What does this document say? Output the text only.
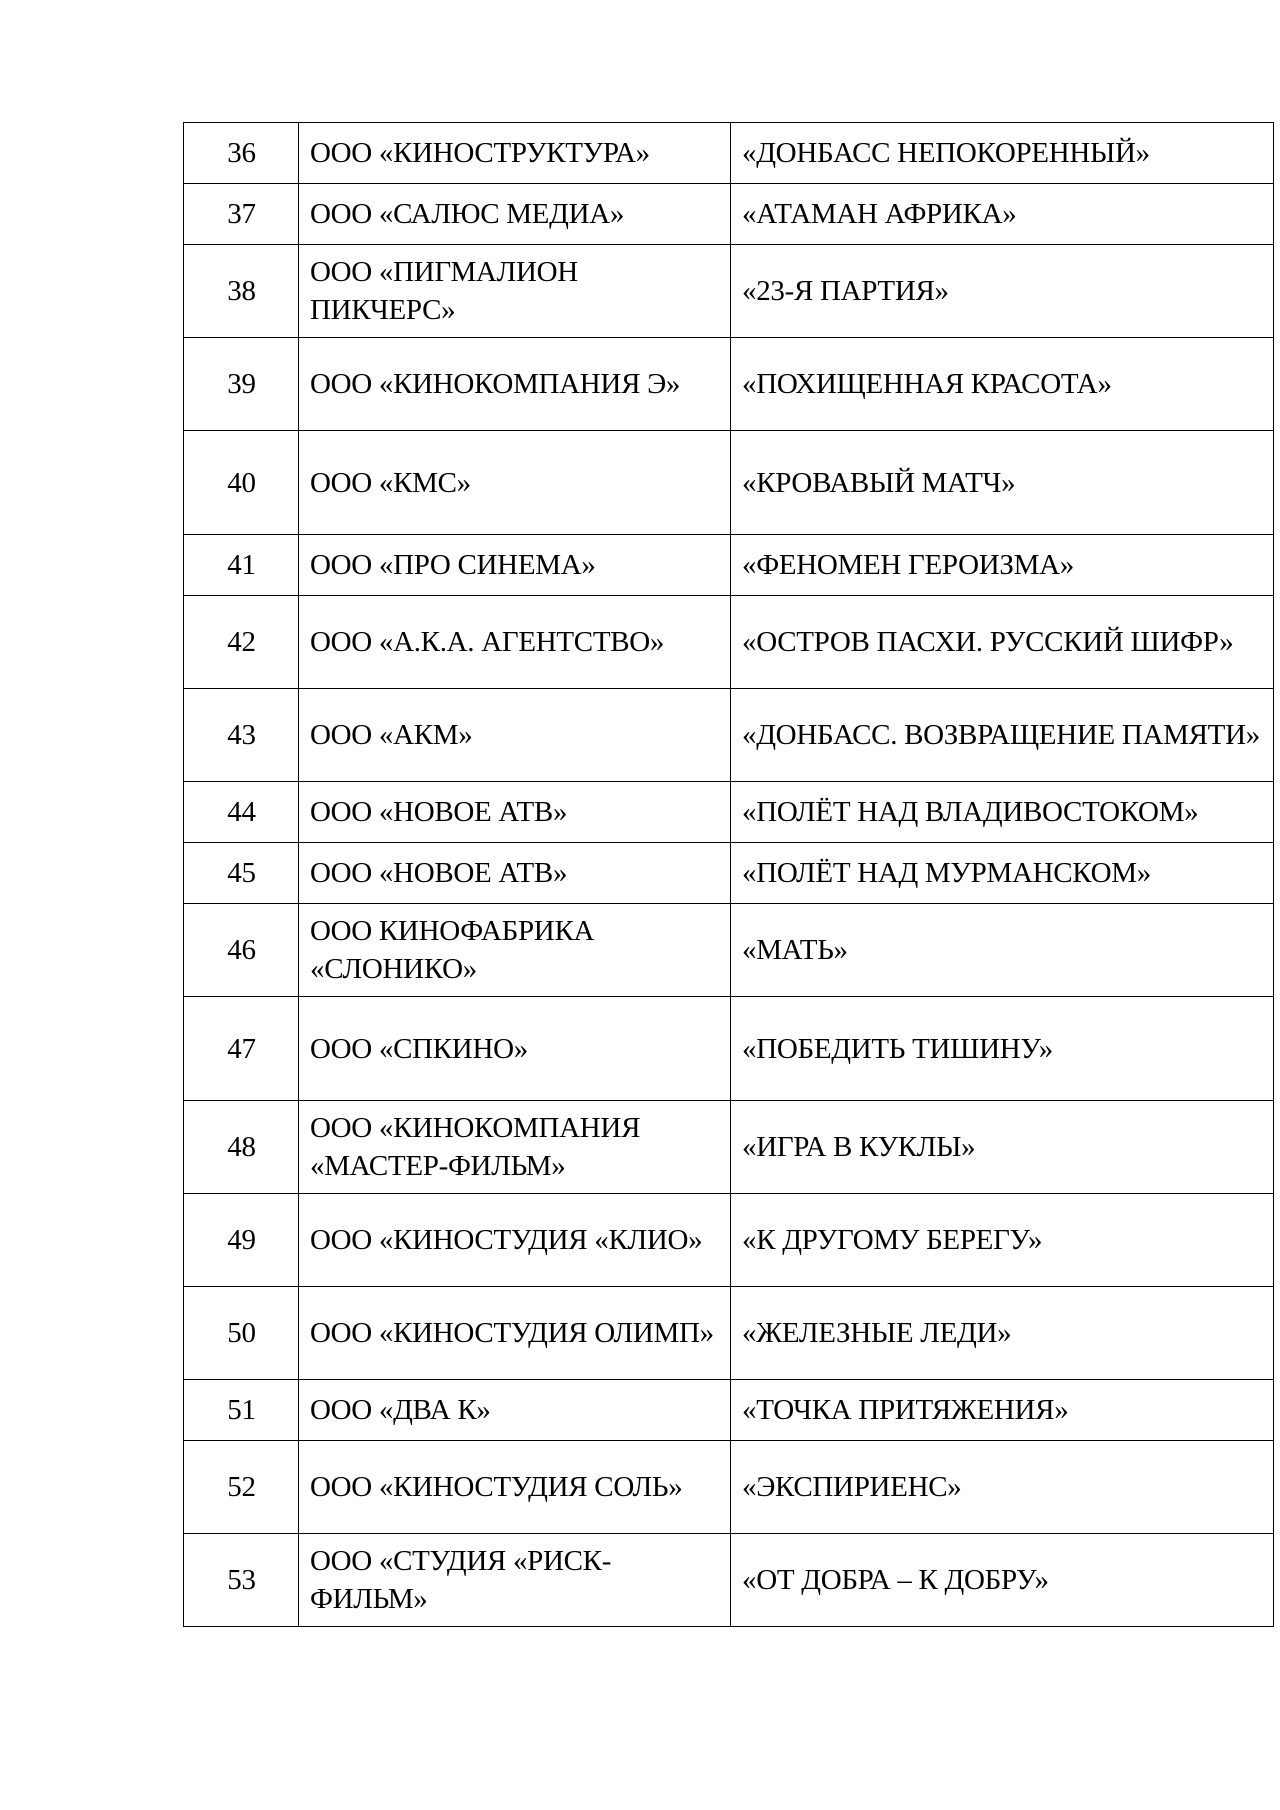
36	ООО «КИНОСТРУКТУРА»	«ДОНБАСС НЕПОКОРЕННЫЙ»
37	ООО «САЛЮС МЕДИА»	«АТАМАН АФРИКА»
38	ООО «ПИГМАЛИОН ПИКЧЕРС»	«23-Я ПАРТИЯ»
39	ООО «КИНОКОМПАНИЯ Э»	«ПОХИЩЕННАЯ КРАСОТА»
40	ООО «КМС»	«КРОВАВЫЙ МАТЧ»
41	ООО «ПРО СИНЕМА»	«ФЕНОМЕН ГЕРОИЗМА»
42	ООО «А.К.А. АГЕНТСТВО»	«ОСТРОВ ПАСХИ. РУССКИЙ ШИФР»
43	ООО «АКМ»	«ДОНБАСС. ВОЗВРАЩЕНИЕ ПАМЯТИ»
44	ООО «НОВОЕ АТВ»	«ПОЛЁТ НАД ВЛАДИВОСТОКОМ»
45	ООО «НОВОЕ АТВ»	«ПОЛЁТ НАД МУРМАНСКОМ»
46	ООО КИНОФАБРИКА «СЛОНИКО»	«МАТЬ»
47	ООО «СПКИНО»	«ПОБЕДИТЬ ТИШИНУ»
48	ООО «КИНОКОМПАНИЯ «МАСТЕР-ФИЛЬМ»	«ИГРА В КУКЛЫ»
49	ООО «КИНОСТУДИЯ «КЛИО»	«К ДРУГОМУ БЕРЕГУ»
50	ООО «КИНОСТУДИЯ ОЛИМП»	«ЖЕЛЕЗНЫЕ ЛЕДИ»
51	ООО «ДВА К»	«ТОЧКА ПРИТЯЖЕНИЯ»
52	ООО «КИНОСТУДИЯ СОЛЬ»	«ЭКСПИРИЕНС»
53	ООО «СТУДИЯ «РИСК-ФИЛЬМ»	«ОТ ДОБРА – К ДОБРУ»
